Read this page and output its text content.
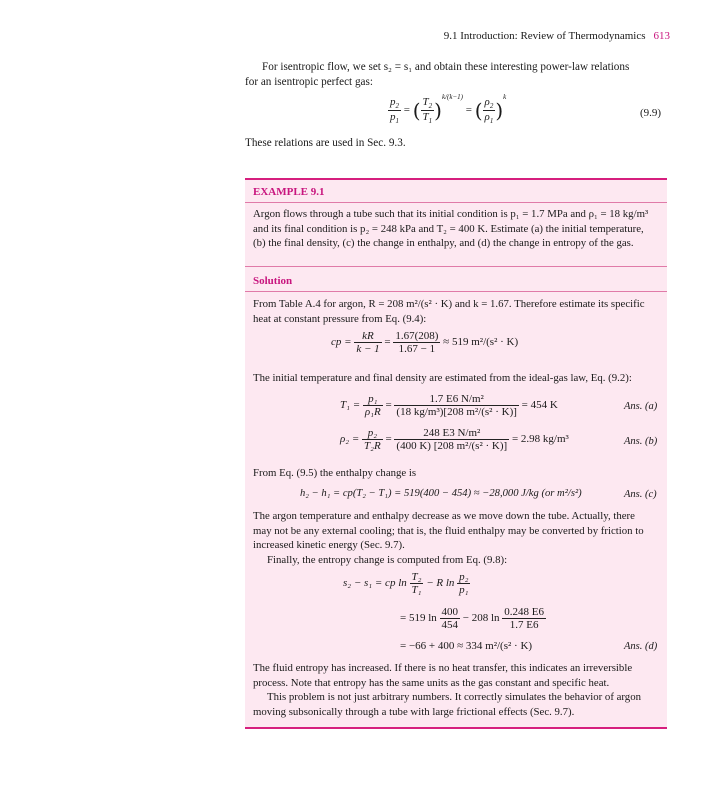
9.1 Introduction: Review of Thermodynamics 613
For isentropic flow, we set s₂ = s₁ and obtain these interesting power-law relations
for an isentropic perfect gas:
$\frac{p_2}{p_1}$ = ( $\frac{T_2}{T_1} )^{k/(k-1)}$ = ( $\frac{\rho_2}{\rho_1} )^k$
(9.9)
These relations are used in Sec. 9.3.
EXAMPLE 9.1
Argon flows through a tube such that its initial condition is p₁ = 1.7 MPa and ρ₁ = 18 kg/m³
and its final condition is p₂ = 248 kPa and T₂ = 400 K. Estimate (a) the initial temperature,
(b) the final density, (c) the change in enthalpy, and (d) the change in entropy of the gas.
Solution
From Table A.4 for argon, R = 208 m²/(s² · K) and k = 1.67. Therefore estimate its specific
heat at constant pressure from Eq. (9.4):
cp = $\frac{kR}{k - 1} = \frac{1.67(208)}{1.67 - 1} \approx 519$ m²/(s² · K)
The initial temperature and final density are estimated from the ideal-gas law, Eq. (9.2):
$T_1 = \frac{\text{p₁}}{\text{ρ₁R}} = \frac{\text{1.7 E6 N/m²}}{\text{(18 kg/m³)[208 m²/(s² · K)]}} = 454$ K	Ans. (a)
$\rho_2 = \frac{\text{p₂}}{\text{T₂R}} = \frac{\text{248 E3 N/m²}}{\text{(400 K) [208 m²/(s² · K)]}} = 2.98$ kg/m³	Ans. (b)
From Eq. (9.5) the enthalpy change is
h₂ − h₁ = cp(T₂ − T₁) = 519(400 − 454) ≈ −28,000 J/kg (or m²/s²)	Ans. (c)
The argon temperature and enthalpy decrease as we move down the tube. Actually, there
may not be any external cooling; that is, the fluid enthalpy may be converted by friction to
increased kinetic energy (Sec. 9.7).
Finally, the entropy change is computed from Eq. (9.8):
s₂ − s₁ = cp $\ln \frac{\text{T₂}}{\text{T₁}} - R$ $\ln \frac{\text{p₂}}{\text{p₁}}$
= 519 $\ln \frac{400}{454} - 208$ $\ln \frac{0.248 E6}{1.7 E6}$
= −66 + 400 ≈ 334 m²/(s² · K)	Ans. (d)
The fluid entropy has increased. If there is no heat transfer, this indicates an irreversible
process. Note that entropy has the same units as the gas constant and specific heat.
This problem is not just arbitrary numbers. It correctly simulates the behavior of argon
moving subsonically through a tube with large frictional effects (Sec. 9.7).
